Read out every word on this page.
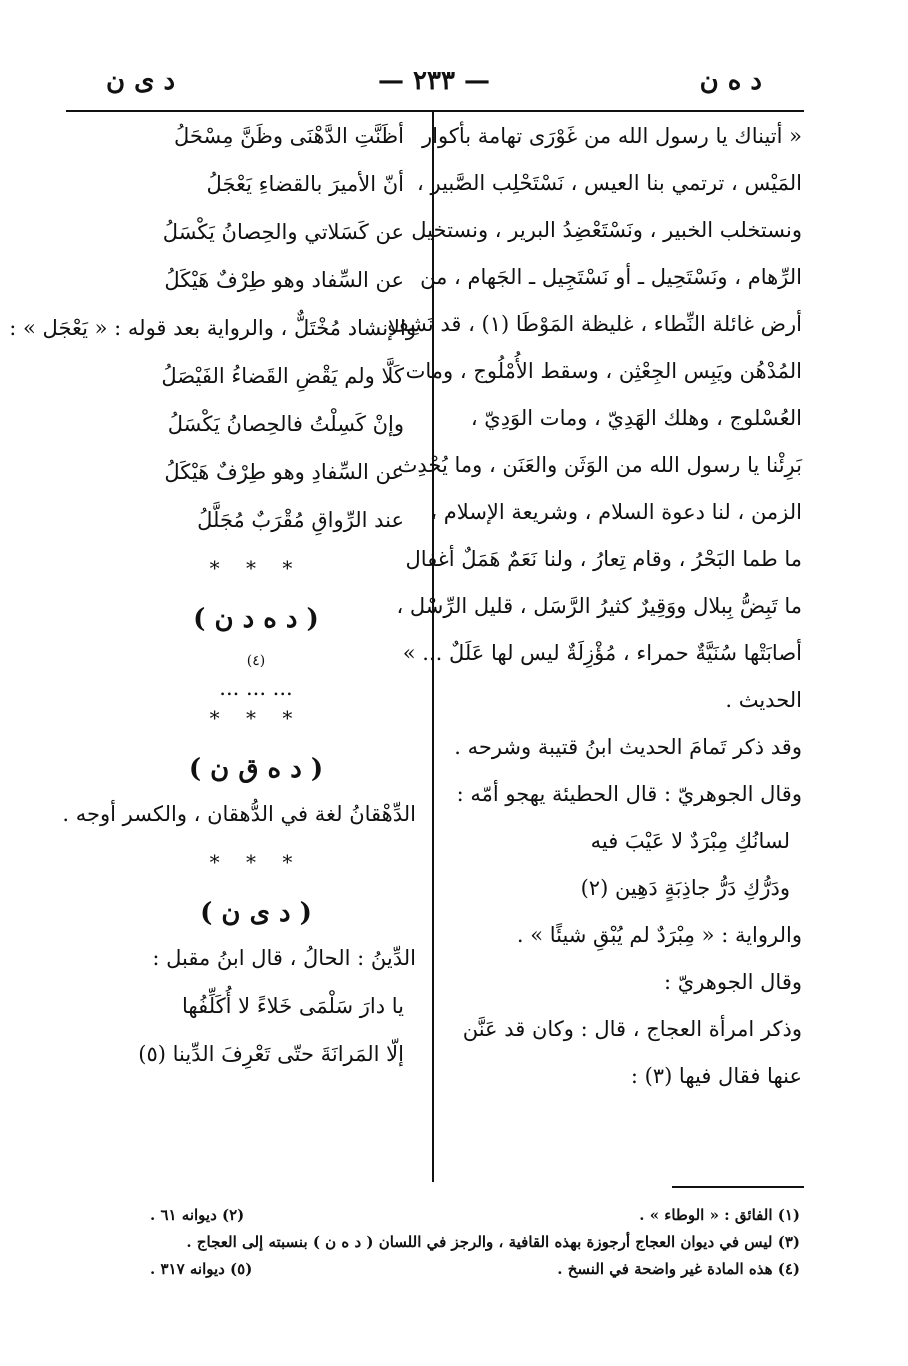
د ه ن
— ٢٣٣ —
د ى ن
« أتيناك يا رسول الله من غَوْرَى تهامة بأكوار
المَيْس ، ترتمي بنا العيس ، نَسْتَحْلِب الصَّبير ،
ونستخلب الخبير ، ونَسْتَعْضِدُ البرير ، ونستخيل
الرِّهام ، ونَسْتَحِيل ـ أو نَسْتَجِيل ـ الجَهام ، من
أرض غائلة النِّطاء ، غليظة المَوْطَا (١) ، قد نَشِف
المُدْهُن ويَبِس الجِعْثِن ، وسقط الأُمْلُوج ، ومات
العُسْلوج ، وهلك الهَدِيّ ، ومات الوَدِيّ ،
بَرِئْنا يا رسول الله من الوَثَن والعَنَن ، وما يُحْدِث
الزمن ، لنا دعوة السلام ، وشريعة الإسلام ،
ما طما البَحْرُ ، وقام تِعارُ ، ولنا نَعَمٌ هَمَلٌ أغفال
ما تَبِضُّ بِبلال ووَقِيرٌ كثيرُ الرَّسَل ، قليل الرِّسْل ،
أصابَتْها سُنَيَّةٌ حمراء ، مُؤْزِلَةٌ ليس لها عَلَلٌ ... »
الحديث .
وقد ذكر تَمامَ الحديث ابنُ قتيبة وشرحه .
وقال الجوهريّ : قال الحطيئة يهجو أمّه :
لسانُكِ مِبْرَدٌ لا عَيْبَ فيه
ودَرُّكِ دَرُّ جاذِبَةٍ دَهِين (٢)
والرواية : « مِبْرَدٌ لم يُبْقِ شيئًا » .
وقال الجوهريّ :
وذكر امرأة العجاج ، قال : وكان قد عَنَّن
عنها فقال فيها (٣) :
أظَنَّتِ الدَّهْنَى وظَنَّ مِسْحَلُ
أنّ الأميرَ بالقضاءِ يَعْجَلُ
عن كَسَلاتي والحِصانُ يَكْسَلُ
عن السِّفاد وهو طِرْفٌ هَيْكَلُ
والإنشاد مُخْتَلٌّ ، والرواية بعد قوله : « يَعْجَل » :
كَلَّا ولم يَقْضِ القَضاءُ الفَيْصَلُ
وإنْ كَسِلْتُ فالحِصانُ يَكْسَلُ
عن السِّفادِ وهو طِرْفٌ هَيْكَلُ
عند الرِّواقِ مُقْرَبٌ مُجَلَّلُ
* * *
( د ه د ن )
(٤)
... ... ...
* * *
( د ه ق ن )
الدِّهْقانُ لغة في الدُّهقان ، والكسر أوجه .
* * *
( د ى ن )
الدِّينُ : الحالُ ، قال ابنُ مقبل :
يا دارَ سَلْمَى خَلاءً لا أُكَلِّفُها
إلّا المَرانَةَ حتّى تَعْرِفَ الدِّينا (٥)
(١) الفائق : « الوطاء » .
(٢) ديوانه ٦١ .
(٣) ليس في ديوان العجاج أرجوزة بهذه القافية ، والرجز في اللسان ( د ه ن ) بنسبته إلى العجاج .
(٤) هذه المادة غير واضحة في النسخ .
(٥) ديوانه ٣١٧ .
